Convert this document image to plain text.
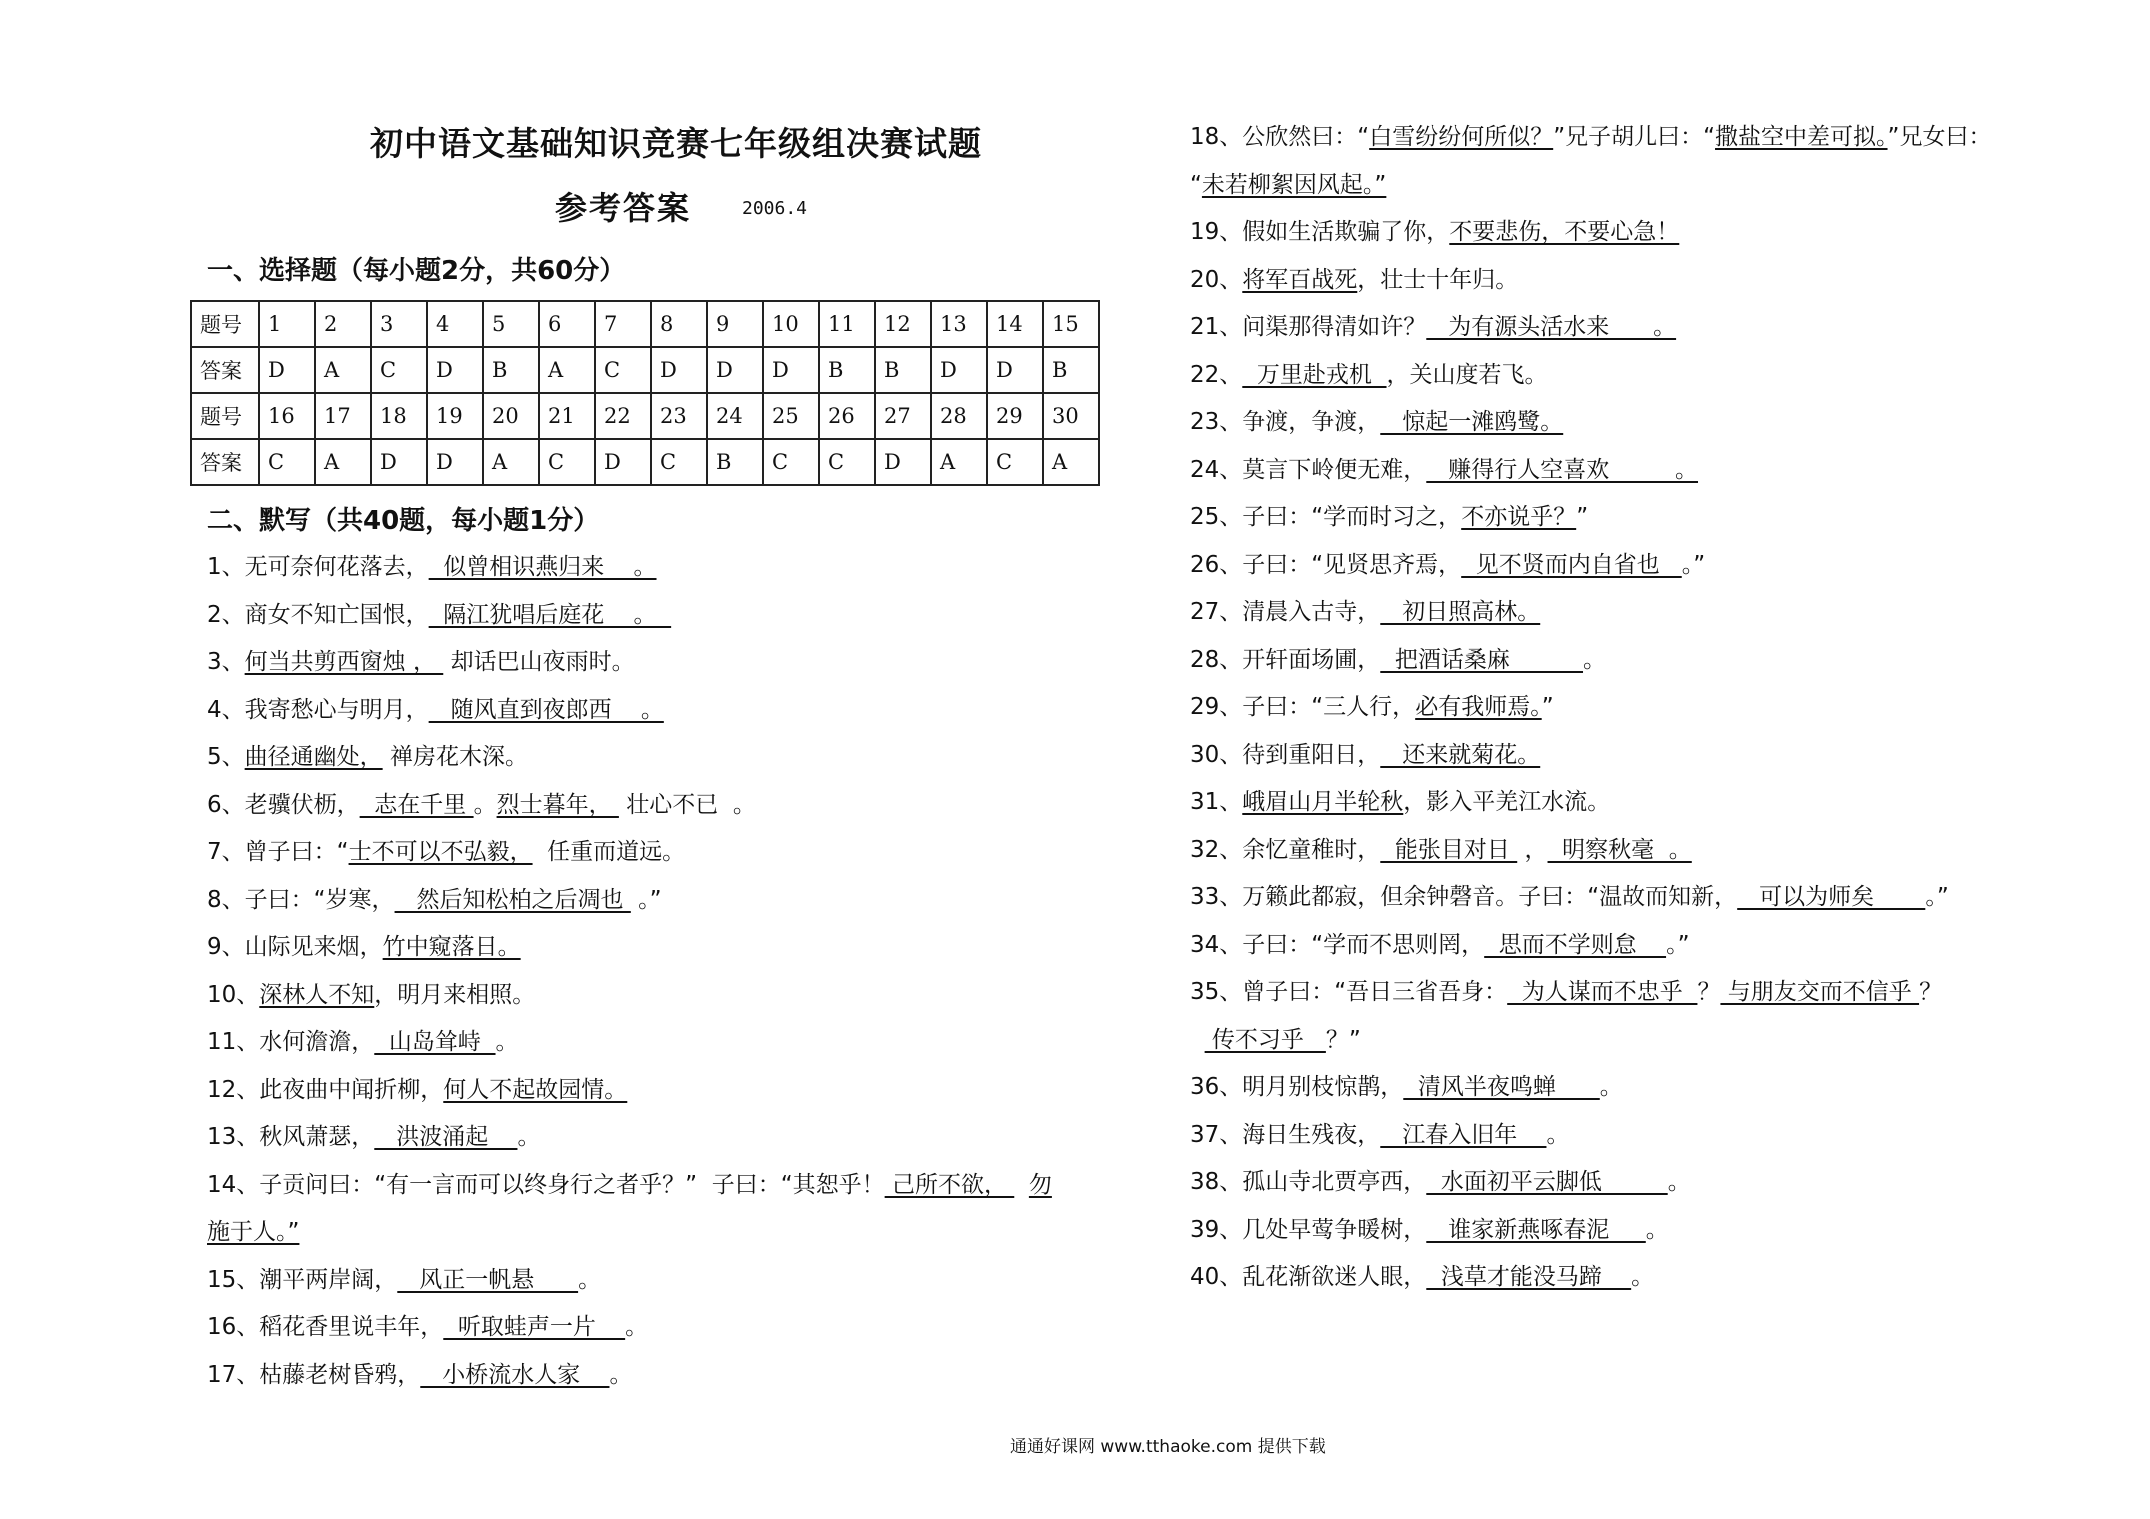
初中语文基础知识竞赛七年级组决赛试题
参考答案	2006.4
一、选择题（每小题2分，共60分）
题号	1	2	3	4	5	6	7	8	9	10	11	12	13	14	15
答案	D	A	C	D	B	A	C	D	D	D	B	B	D	D	B
题号	16	17	18	19	20	21	22	23	24	25	26	27	28	29	30
答案	C	A	D	D	A	C	D	C	B	C	C	D	A	C	A
二、默写（共40题，每小题1分）
1、无可奈何花落去，  似曾相识燕归来    。
2、商女不知亡国恨，  隔江犹唱后庭花    。
3、何当共剪西窗烛 ，  却话巴山夜雨时。
4、我寄愁心与明月，   随风直到夜郎西    。
5、曲径通幽处， 禅房花木深。
6、老骥伏枥，  志在千里 。烈士暮年，  壮心不已  。
7、曾子曰：“士不可以不弘毅，  任重而道远。
8、子曰：“岁寒，   然后知松柏之后凋也  。”
9、山际见来烟，竹中窥落日。
10、深林人不知，明月来相照。
11、水何澹澹，  山岛耸峙  。
12、此夜曲中闻折柳，何人不起故园情。
13、秋风萧瑟，   洪波涌起    。
14、子贡问曰：“有一言而可以终身行之者乎？”  子曰：“其恕乎！ 己所不欲，   勿
施于人。”
15、潮平两岸阔，   风正一帆悬      。
16、稻花香里说丰年，  听取蛙声一片    。
17、枯藤老树昏鸦，   小桥流水人家    。
18、公欣然曰：“白雪纷纷何所似？”兄子胡儿曰：“撒盐空中差可拟。”兄女曰：
“未若柳絮因风起。”
19、假如生活欺骗了你，不要悲伤，不要心急！
20、将军百战死，壮士十年归。
21、问渠那得清如许？   为有源头活水来      。
22、  万里赴戎机  ，关山度若飞。
23、争渡，争渡，   惊起一滩鸥鹭。
24、莫言下岭便无难，   赚得行人空喜欢         。
25、子曰：“学而时习之，不亦说乎？”
26、子曰：“见贤思齐焉，  见不贤而内自省也   。”
27、清晨入古寺，   初日照高林。
28、开轩面场圃，  把酒话桑麻          。
29、子曰：“三人行，必有我师焉。”
30、待到重阳日，   还来就菊花。
31、峨眉山月半轮秋，影入平羌江水流。
32、余忆童稚时，  能张目对日  ，  明察秋毫  。
33、万籁此都寂，但余钟磬音。子曰：“温故而知新，   可以为师矣       。”
34、子曰：“学而不思则罔，  思而不学则怠    。”
35、曾子曰：“吾日三省吾身：  为人谋而不忠乎  ？ 与朋友交而不信乎 ？
传不习乎   ？”
36、明月别枝惊鹊，  清风半夜鸣蝉      。
37、海日生残夜，   江春入旧年    。
38、孤山寺北贾亭西，  水面初平云脚低         。
39、几处早莺争暖树，   谁家新燕啄春泥     。
40、乱花渐欲迷人眼，  浅草才能没马蹄    。
通通好课网 www.tthaoke.com 提供下载
